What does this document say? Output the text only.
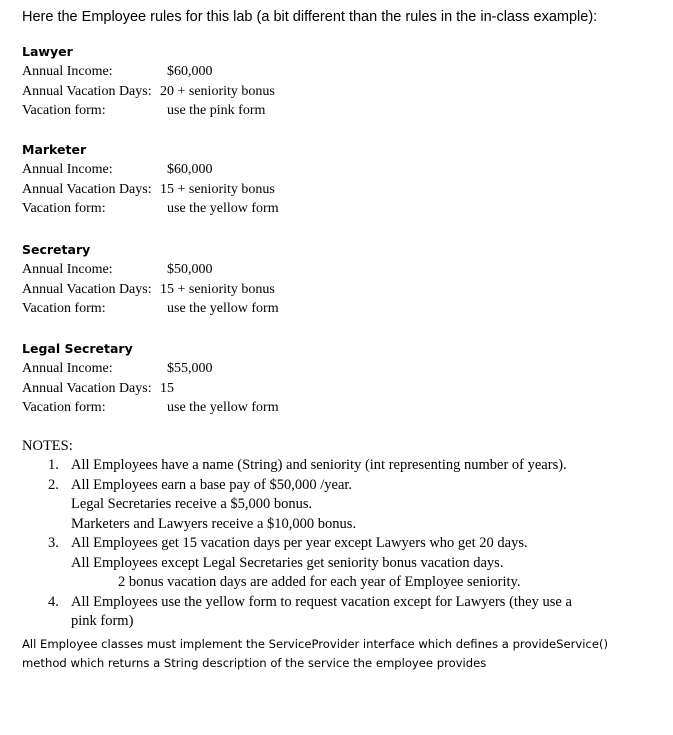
Here the Employee rules for this lab (a bit different than the rules in the in-class example):
Lawyer
Annual Income:	$60,000
Annual Vacation Days: 20 + seniority bonus
Vacation form:	use the pink form
Marketer
Annual Income:	$60,000
Annual Vacation Days: 15 + seniority bonus
Vacation form:	use the yellow form
Secretary
Annual Income:	$50,000
Annual Vacation Days: 15 + seniority bonus
Vacation form:	use the yellow form
Legal Secretary
Annual Income:	$55,000
Annual Vacation Days: 15
Vacation form:	use the yellow form
NOTES:
1. All Employees have a name (String) and seniority (int representing number of years).
2. All Employees earn a base pay of $50,000 /year.
Legal Secretaries receive a $5,000 bonus.
Marketers and Lawyers receive a $10,000 bonus.
3. All Employees get 15 vacation days per year except Lawyers who get 20 days.
All Employees except Legal Secretaries get seniority bonus vacation days.
2 bonus vacation days are added for each year of Employee seniority.
4. All Employees use the yellow form to request vacation except for Lawyers (they use a
pink form)
All Employee classes must implement the ServiceProvider interface which defines a provideService() method which returns a String description of the service the employee provides
